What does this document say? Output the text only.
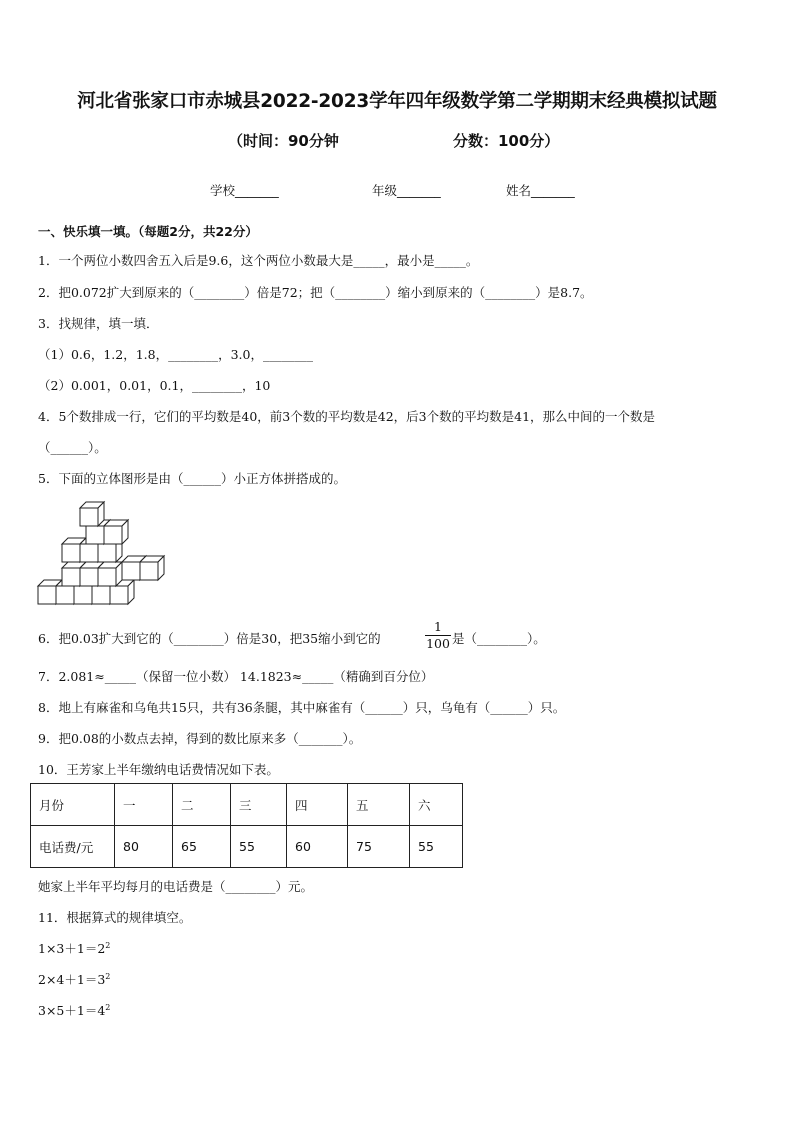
河北省张家口市赤城县2022-2023学年四年级数学第二学期期末经典模拟试题
（时间：90分钟	分数：100分）
学校_______	年级_______	姓名_______
一、快乐填一填。（每题2分，共22分）
1．一个两位小数四舍五入后是9.6，这个两位小数最大是_____，最小是_____。
2．把0.072扩大到原来的（________）倍是72；把（________）缩小到原来的（________）是8.7。
3．找规律，填一填．
（1）0.6，1.2，1.8，________，3.0，________
（2）0.001，0.01，0.1，________，10
4．5个数排成一行，它们的平均数是40，前3个数的平均数是42，后3个数的平均数是41，那么中间的一个数是
（______）。
5．下面的立体图形是由（______）小正方体拼搭成的。
6．把0.03扩大到它的（________）倍是30，把35缩小到它的	$\frac{1}{100}$ 是（________）。
7．2.081≈_____（保留一位小数） 14.1823≈_____（精确到百分位）
8．地上有麻雀和乌龟共15只，共有36条腿，其中麻雀有（______）只，乌龟有（______）只。
9．把0.08的小数点去掉，得到的数比原来多（_______）。
10．王芳家上半年缴纳电话费情况如下表。
月份	一	二	三	四	五	六
电话费/元	80	65	55	60	75	55
她家上半年平均每月的电话费是（________）元。
11．根据算式的规律填空。
$1\times 3+1=2^2$
$2\times 4+1=3^2$
$3\times 5+1=4^2$
